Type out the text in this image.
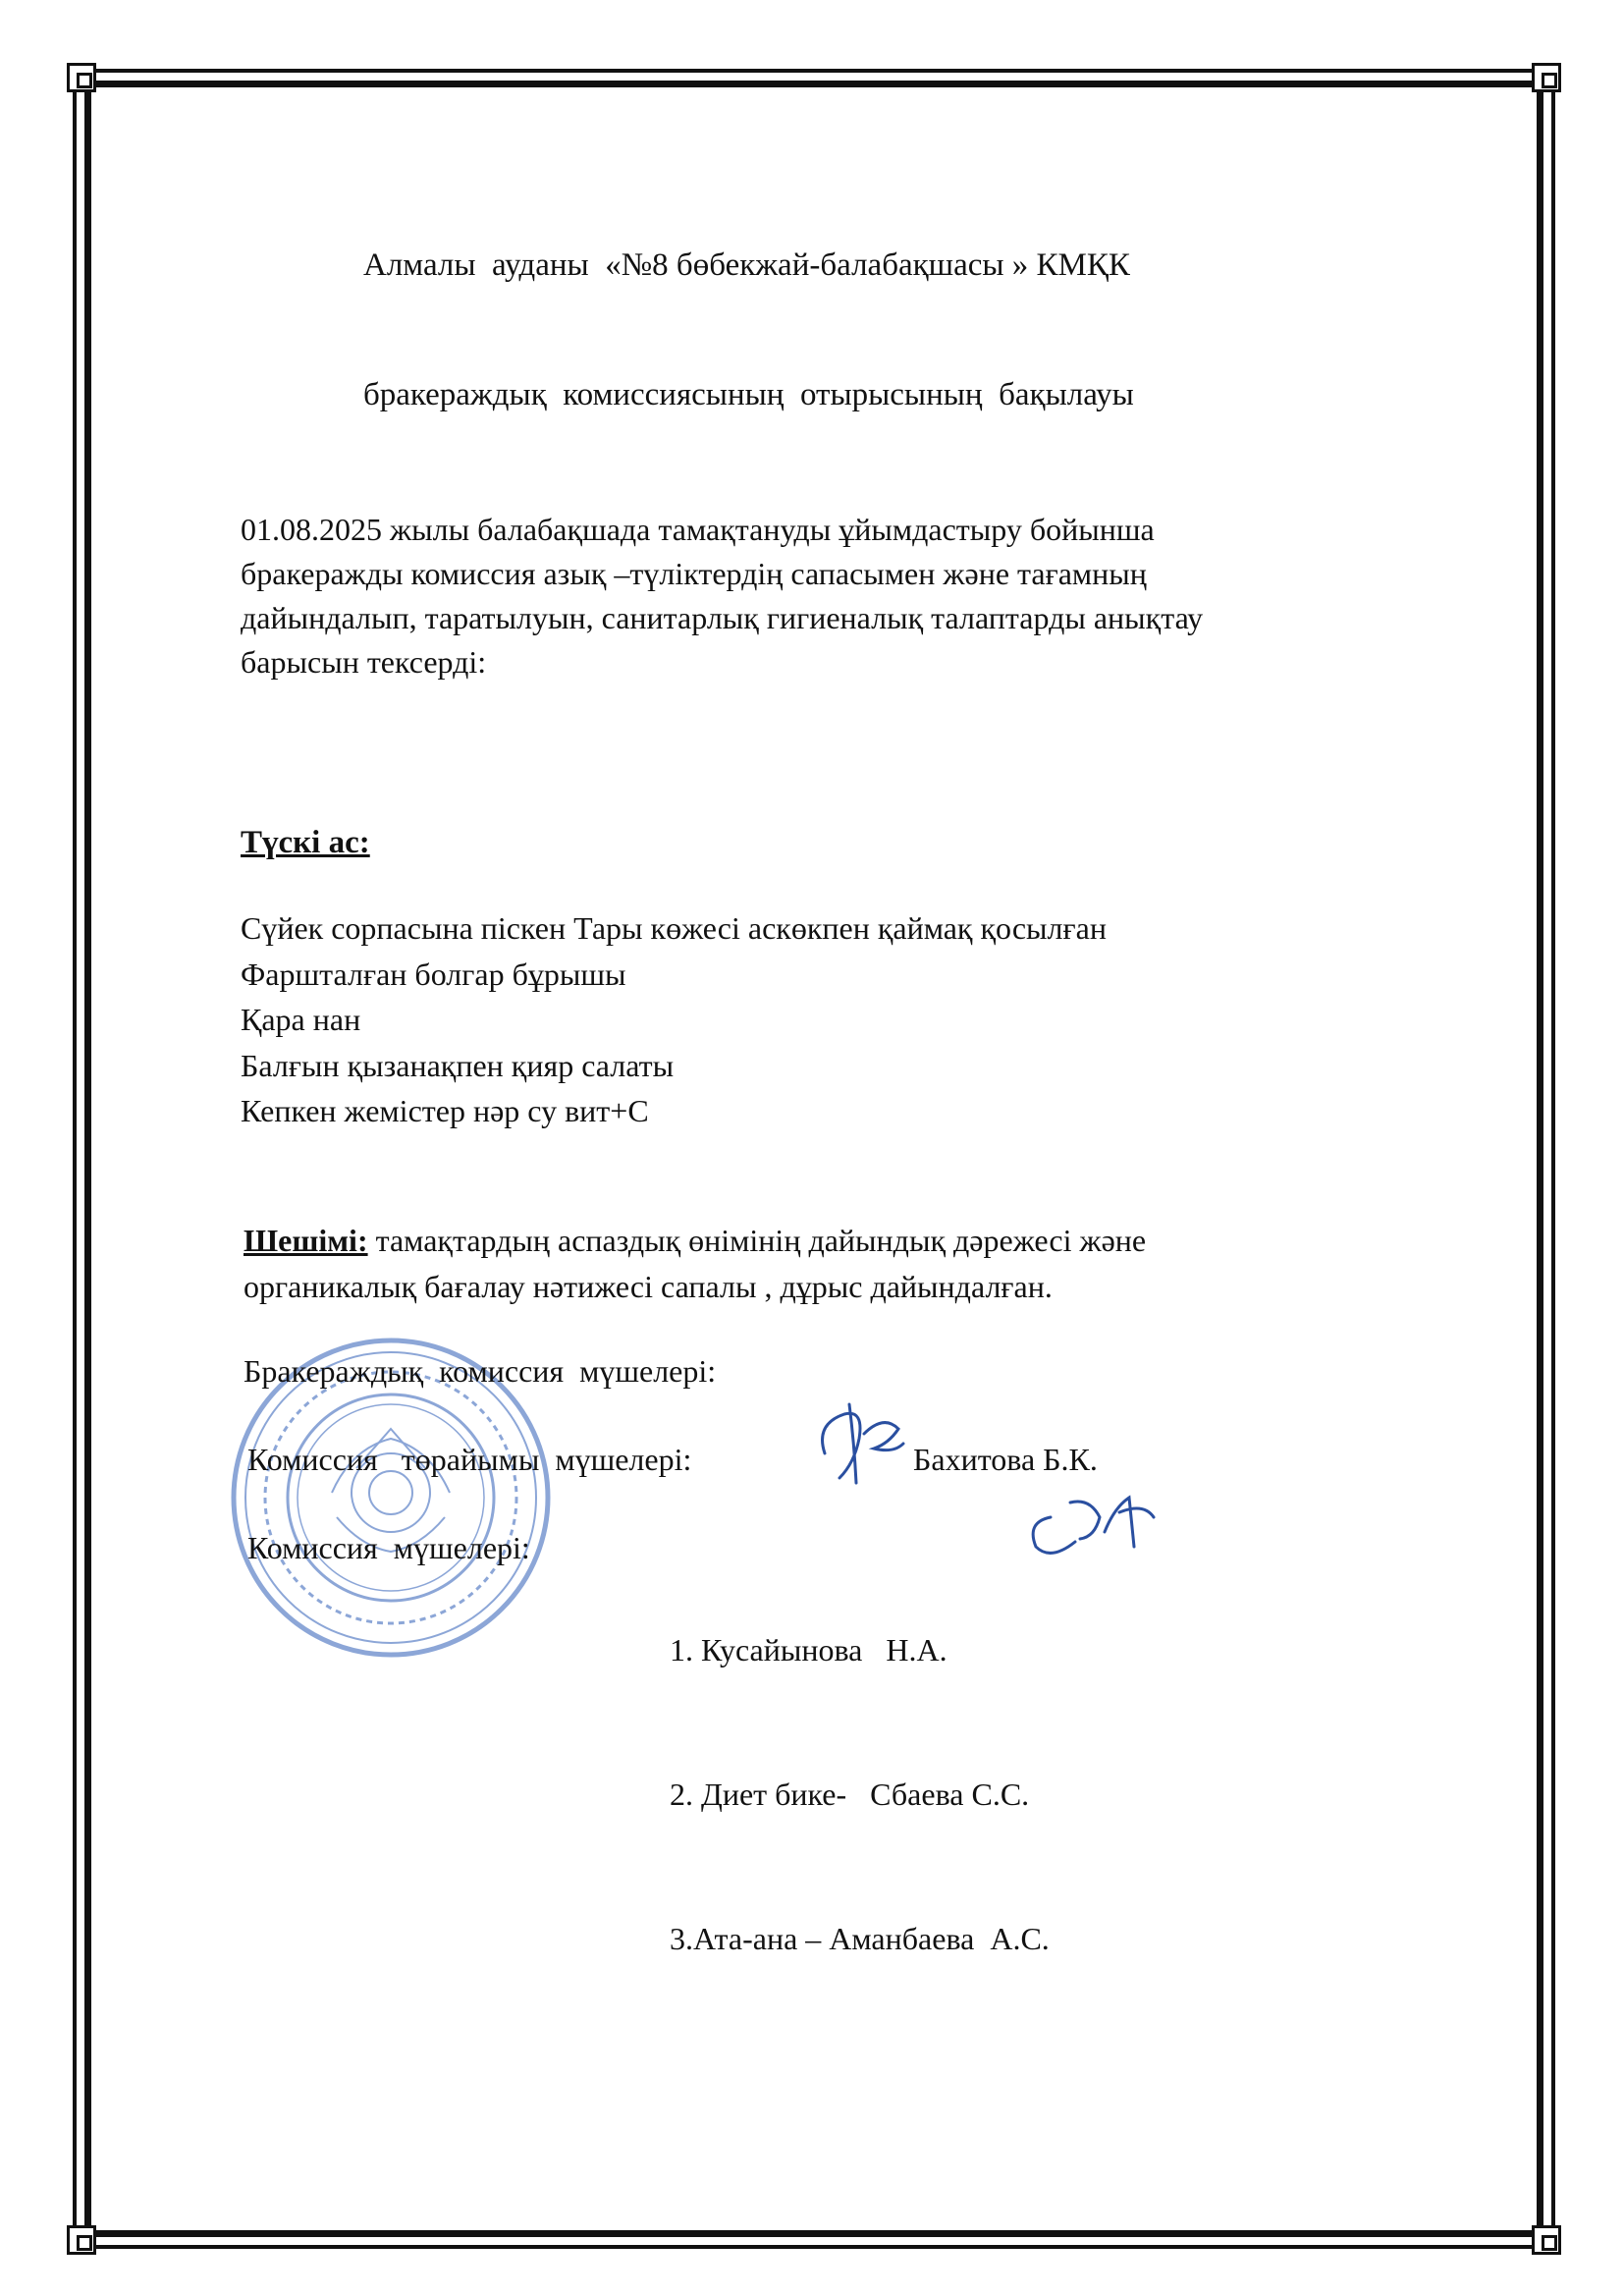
Алмалы  ауданы  «№8 бөбекжай-балабақшасы » КМҚК

бракераждық  комиссиясының  отырысының  бақылауы

01.08.2025 жылы балабақшада тамақтануды ұйымдастыру бойынша
бракеражды комиссия азық –түліктердің сапасымен және тағамның
дайындалып, таратылуын, санитарлық гигиеналық талаптарды анықтау
барысын тексерді:
Түскі ас:
Сүйек сорпасына піскен Тары көжесі аскөкпен қаймақ қосылған
Фаршталған болгар бұрышы
Қара нан
Балғын қызанақпен қияр салаты
Кепкен жемістер нәр су вит+С
Шешімі: тамақтардың аспаздық өнімінің дайындық дәрежесі және
органикалық бағалау нәтижесі сапалы , дұрыс дайындалған.
Бракераждық  комиссия  мүшелері:
Комиссия   төрайымы  мүшелері:	Бахитова Б.К.
Комиссия  мүшелері:

1. Кусайынова   Н.А.

2. Диет бике-   Сбаева С.С.

3.Ата-ана – Аманбаева  А.С.
